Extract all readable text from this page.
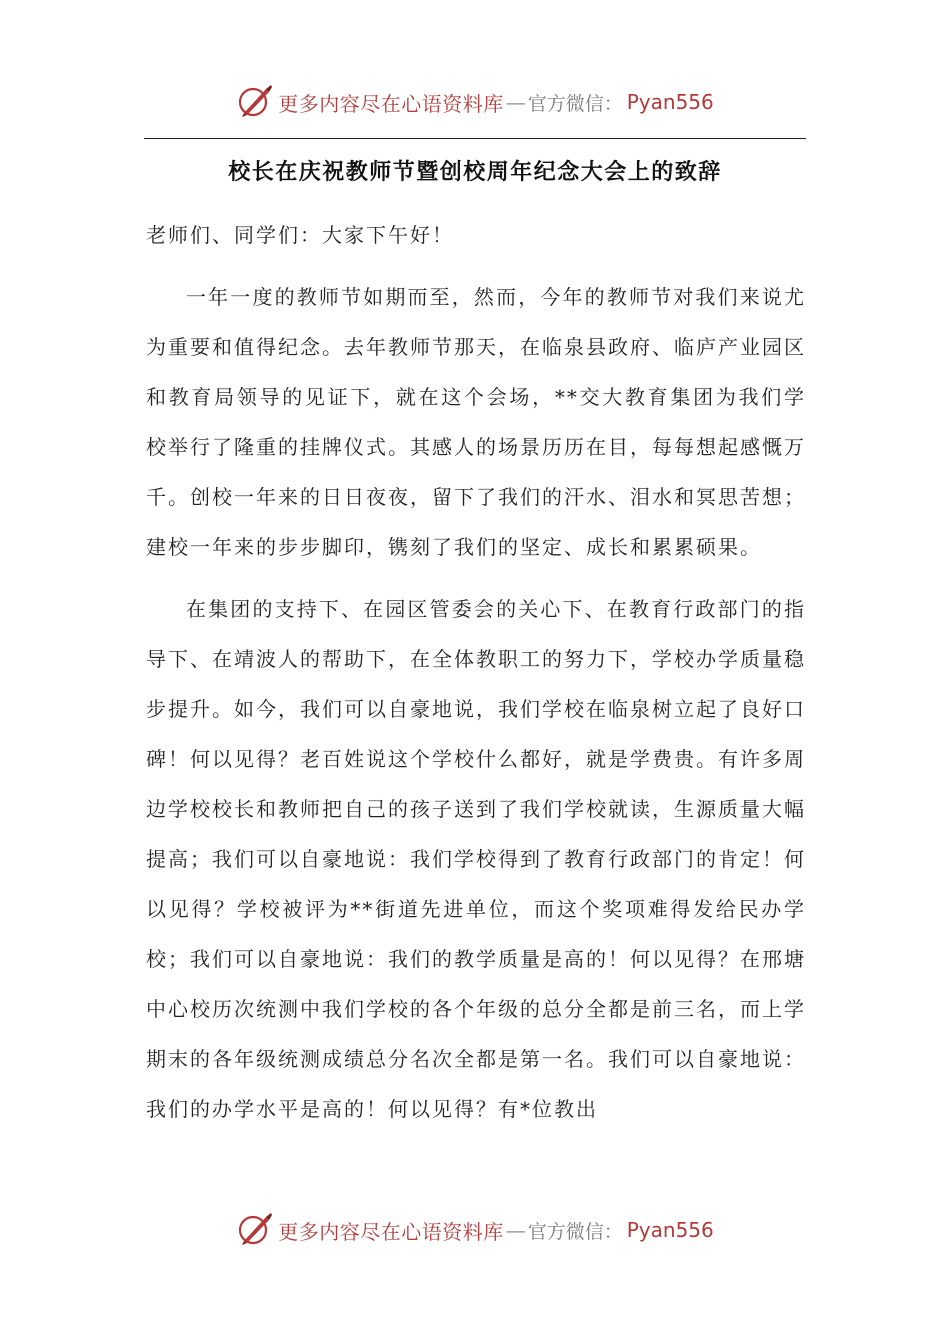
更多内容尽在心语资料库 — 官方微信： Pyan556
校长在庆祝教师节暨创校周年纪念大会上的致辞

老师们、同学们：大家下午好！

一年一度的教师节如期而至，然而，今年的教师节对我们来说尤为重要和值得纪念。去年教师节那天，在临泉县政府、临庐产业园区和教育局领导的见证下，就在这个会场，**交大教育集团为我们学校举行了隆重的挂牌仪式。其感人的场景历历在目，每每想起感慨万千。创校一年来的日日夜夜，留下了我们的汗水、泪水和冥思苦想；建校一年来的步步脚印，镌刻了我们的坚定、成长和累累硕果。

在集团的支持下、在园区管委会的关心下、在教育行政部门的指导下、在靖波人的帮助下，在全体教职工的努力下，学校办学质量稳步提升。如今，我们可以自豪地说，我们学校在临泉树立起了良好口碑！何以见得？老百姓说这个学校什么都好，就是学费贵。有许多周边学校校长和教师把自己的孩子送到了我们学校就读，生源质量大幅提高；我们可以自豪地说：我们学校得到了教育行政部门的肯定！何以见得？学校被评为**街道先进单位，而这个奖项难得发给民办学校；我们可以自豪地说：我们的教学质量是高的！何以见得？在邢塘中心校历次统测中我们学校的各个年级的总分全都是前三名，而上学期末的各年级统测成绩总分名次全都是第一名。我们可以自豪地说：我们的办学水平是高的！何以见得？有*位教出

更多内容尽在心语资料库 — 官方微信： Pyan556
